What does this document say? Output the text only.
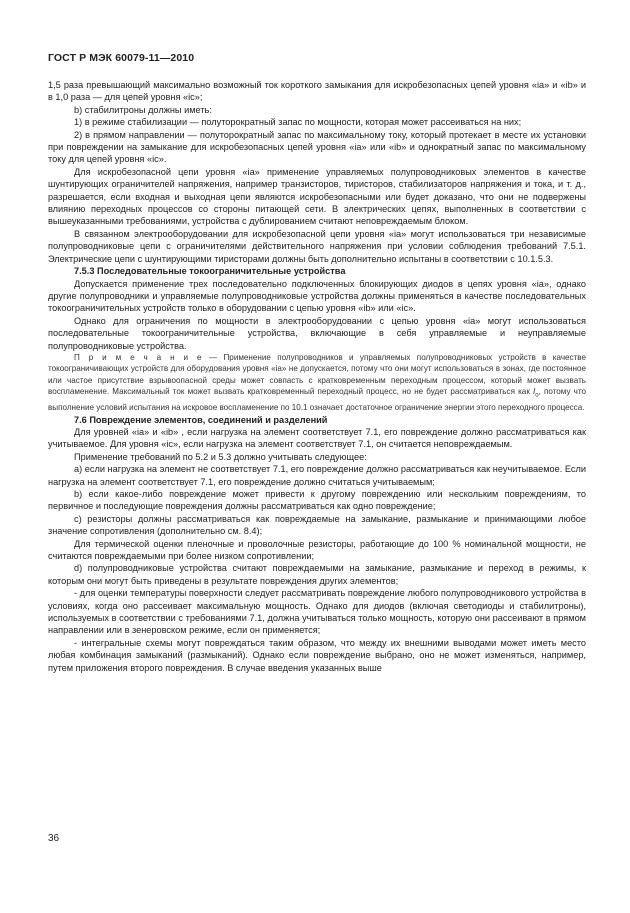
ГОСТ Р МЭК 60079-11—2010

1,5 раза превышающий максимально возможный ток короткого замыкания для искробезопасных цепей уровня «ia» и «ib» и в 1,0 раза — для цепей уровня «ic»;

b) стабилитроны должны иметь:

1) в режиме стабилизации — полуторократный запас по мощности, которая может рассеиваться на них;

2) в прямом направлении — полуторократный запас по максимальному току, который протекает в месте их установки при повреждении на замыкание для искробезопасных цепей уровня «ia» или «ib» и однократный запас по максимальному току для цепей уровня «ic».

Для искробезопасной цепи уровня «ia» применение управляемых полупроводниковых элементов в качестве шунтирующих ограничителей напряжения, например транзисторов, тиристоров, стабилизаторов напряжения и тока, и т. д., разрешается, если входная и выходная цепи являются искробезопасными или будет доказано, что они не подвержены влиянию переходных процессов со стороны питающей сети. В электрических цепях, выполненных в соответствии с вышеуказанными требованиями, устройства с дублированием считают неповреждаемым блоком.

В связанном электрооборудовании для искробезопасной цепи уровня «ia» могут использоваться три независимые полупроводниковые цепи с ограничителями действительного напряжения при условии соблюдения требований 7.5.1. Электрические цепи с шунтирующими тиристорами должны быть дополнительно испытаны в соответствии с 10.1.5.3.

7.5.3 Последовательные токоограничительные устройства

Допускается применение трех последовательно подключенных блокирующих диодов в цепях уровня «ia», однако другие полупроводники и управляемые полупроводниковые устройства должны применяться в качестве последовательных токоограничительных устройств только в оборудовании с цепью уровня «ib» или «ic».

Однако для ограничения по мощности в электрооборудовании с цепью уровня «ia» могут использоваться последовательные токоограничительные устройства, включающие в себя управляемые и неуправляемые полупроводниковые устройства.

П р и м е ч а н и е — Применение полупроводников и управляемых полупроводниковых устройств в качестве токоограничивающих устройств для оборудования уровня «ia» не допускается, потому что они могут использоваться в зонах, где постоянное или частое присутствие взрывоопасной среды может совпасть с кратковременным переходным процессом, который может вызвать воспламенение. Максимальный ток может вызвать кратковременный переходный процесс, но не будет рассматриваться как $I_о$, потому что выполнение условий испытания на искровое воспламенение по 10.1 означает достаточное ограничение энергии этого переходного процесса.

7.6 Повреждение элементов, соединений и разделений

Для уровней «ia» и «ib» , если нагрузка на элемент соответствует 7.1, его повреждение должно рассматриваться как учитываемое. Для уровня «ic», если нагрузка на элемент соответствует 7.1, он считается неповреждаемым.

Применение требований по 5.2 и 5.3 должно учитывать следующее:

a) если нагрузка на элемент не соответствует 7.1, его повреждение должно рассматриваться как неучитываемое. Если нагрузка на элемент соответствует 7.1, его повреждение должно считаться учитываемым;

b) если какое-либо повреждение может привести к другому повреждению или нескольким повреждениям, то первичное и последующие повреждения должны рассматриваться как одно повреждение;

c) резисторы должны рассматриваться как повреждаемые на замыкание, размыкание и принимающими любое значение сопротивления (дополнительно см. 8.4);

Для термической оценки пленочные и проволочные резисторы, работающие до 100 % номинальной мощности, не считаются повреждаемыми при более низком сопротивлении;

d) полупроводниковые устройства считают повреждаемыми на замыкание, размыкание и переход в режимы, к которым они могут быть приведены в результате повреждения других элементов;

- для оценки температуры поверхности следует рассматривать повреждение любого полупроводникового устройства в условиях, когда оно рассеивает максимальную мощность. Однако для диодов (включая светодиоды и стабилитроны), используемых в соответствии с требованиями 7.1, должна учитываться только мощность, которую они рассеивают в прямом направлении или в зенеровском режиме, если он применяется;

- интегральные схемы могут повреждаться таким образом, что между их внешними выводами может иметь место любая комбинация замыканий (размыканий). Однако если повреждение выбрано, оно не может изменяться, например, путем приложения второго повреждения. В случае введения указанных выше

36
